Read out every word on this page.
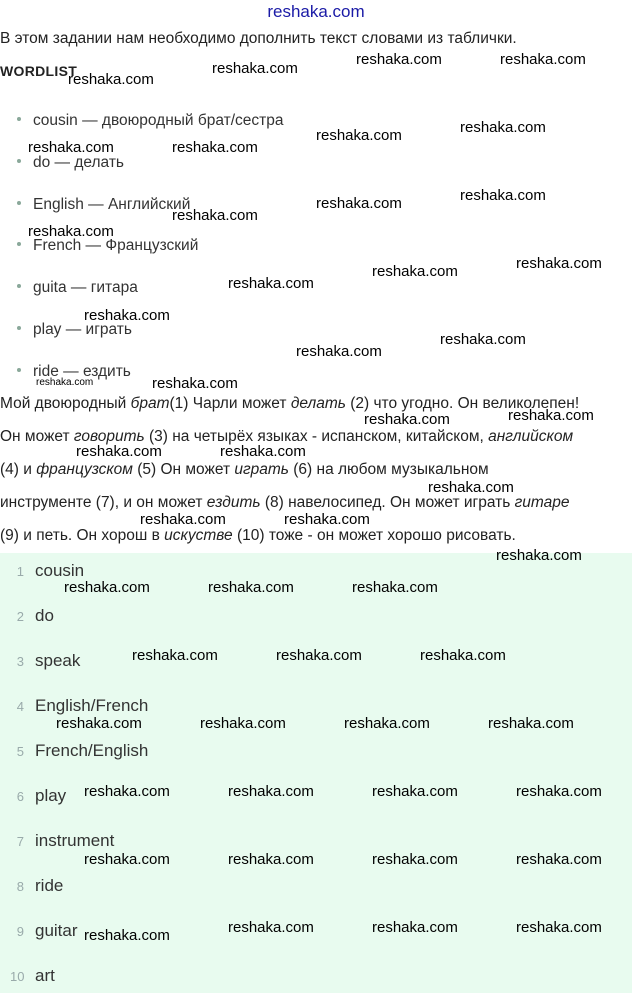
reshaka.com
В этом задании нам необходимо дополнить текст словами из таблички.
WORDLIST
cousin — двоюродный брат/сестра
do — делать
English — Английский
French — Французский
guita — гитара
play — играть
ride — ездить
Мой двоюродный брат(1) Чарли может делать (2) что угодно. Он великолепен!
Он может говорить (3) на четырёх языках - испанском, китайском, английском
(4) и французском (5) Он может играть (6) на любом музыкальном
инструменте (7), и он может ездить (8) навелосипед. Он может играть гитаре
(9) и петь. Он хорош в искустве (10) тоже - он может хорошо рисовать.
1 cousin
2 do
3 speak
4 English/French
5 French/English
6 play
7 instrument
8 ride
9 guitar
10 art
reshaka.com
reshaka.com
reshaka.com	reshaka.com
reshaka.com	reshaka.com
reshaka.com	reshaka.com
reshaka.com	reshaka.com
reshaka.com
reshaka.com
reshaka.com	reshaka.com
reshaka.com
reshaka.com
reshaka.com
reshaka.com
reshaka.com
reshaka.com	reshaka.com
reshaka.com	reshaka.com
reshaka.com
reshaka.com	reshaka.com
reshaka.com
reshaka.com	reshaka.com	reshaka.com
reshaka.com	reshaka.com	reshaka.com
reshaka.com	reshaka.com	reshaka.com	reshaka.com
reshaka.com	reshaka.com	reshaka.com	reshaka.com
reshaka.com	reshaka.com	reshaka.com	reshaka.com
reshaka.com	reshaka.com	reshaka.com	reshaka.com
reshaka.com
